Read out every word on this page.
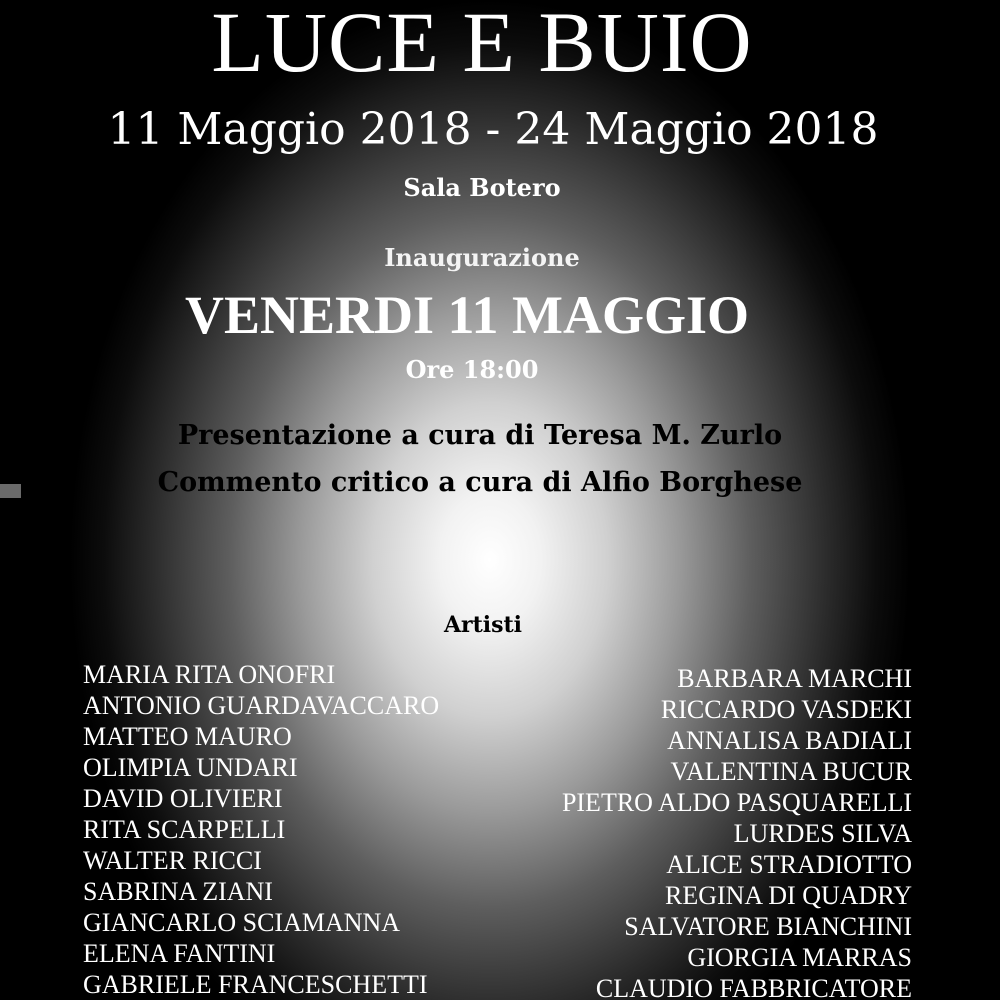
LUCE E BUIO
11 Maggio 2018 - 24 Maggio 2018
Sala Botero
Inaugurazione
VENERDI 11 MAGGIO
Ore 18:00
Presentazione a cura di Teresa M. Zurlo
Commento critico a cura di Alfio Borghese
Artisti
MARIA RITA ONOFRI
ANTONIO GUARDAVACCARO
MATTEO MAURO
OLIMPIA UNDARI
DAVID OLIVIERI
RITA SCARPELLI
WALTER RICCI
SABRINA ZIANI
GIANCARLO SCIAMANNA
ELENA FANTINI
GABRIELE FRANCESCHETTI
BARBARA MARCHI
RICCARDO VASDEKI
ANNALISA BADIALI
VALENTINA BUCUR
PIETRO ALDO PASQUARELLI
LURDES SILVA
ALICE STRADIOTTO
REGINA DI QUADRY
SALVATORE BIANCHINI
GIORGIA MARRAS
CLAUDIO FABBRICATORE
